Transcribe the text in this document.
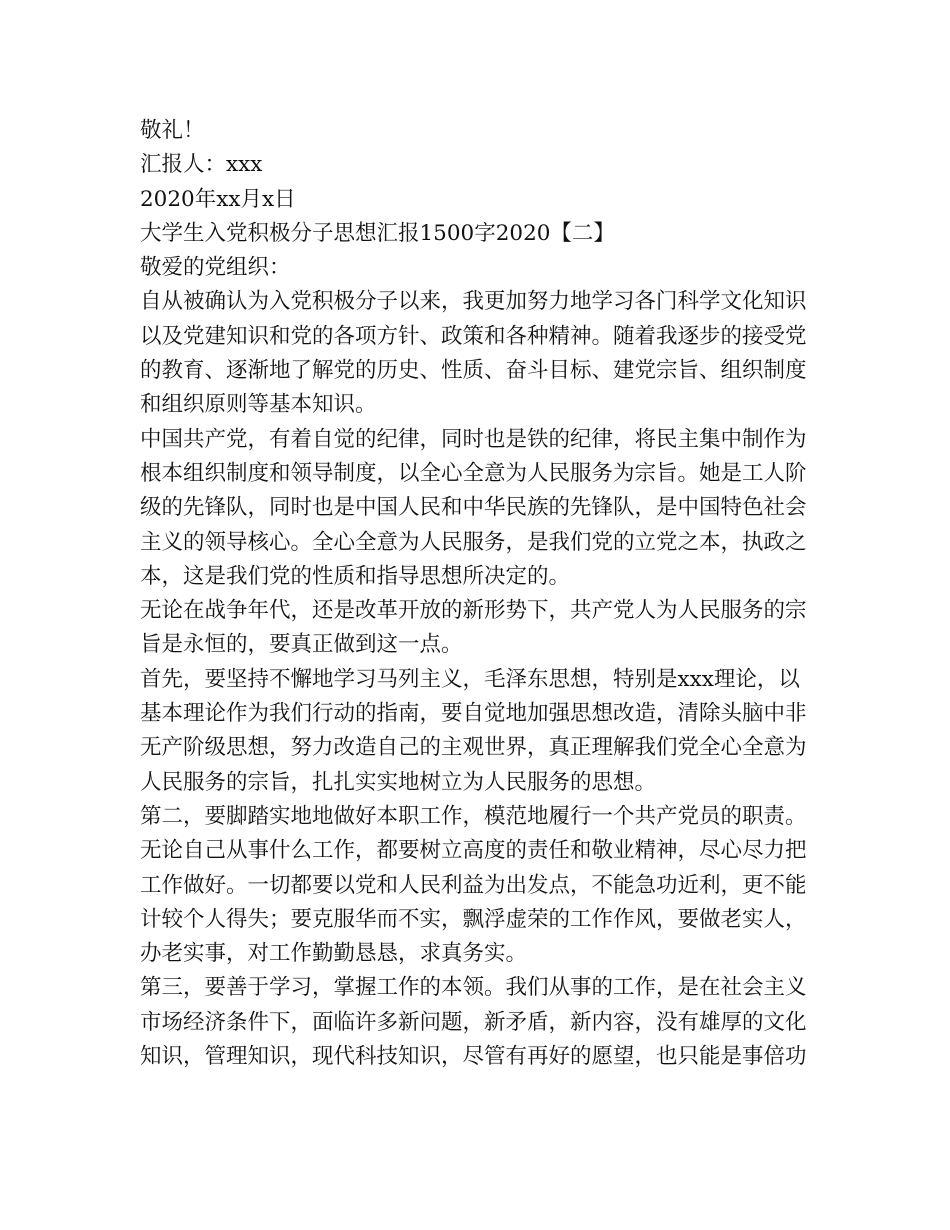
敬礼！
汇报人：xxx
2020年xx月x日
大学生入党积极分子思想汇报1500字2020【二】
敬爱的党组织：
自从被确认为入党积极分子以来，我更加努力地学习各门科学文化知识
以及党建知识和党的各项方针、政策和各种精神。随着我逐步的接受党
的教育、逐渐地了解党的历史、性质、奋斗目标、建党宗旨、组织制度
和组织原则等基本知识。
中国共产党，有着自觉的纪律，同时也是铁的纪律，将民主集中制作为
根本组织制度和领导制度，以全心全意为人民服务为宗旨。她是工人阶
级的先锋队，同时也是中国人民和中华民族的先锋队，是中国特色社会
主义的领导核心。全心全意为人民服务，是我们党的立党之本，执政之
本，这是我们党的性质和指导思想所决定的。
无论在战争年代，还是改革开放的新形势下，共产党人为人民服务的宗
旨是永恒的，要真正做到这一点。
首先，要坚持不懈地学习马列主义，毛泽东思想，特别是xxx理论，以
基本理论作为我们行动的指南，要自觉地加强思想改造，清除头脑中非
无产阶级思想，努力改造自己的主观世界，真正理解我们党全心全意为
人民服务的宗旨，扎扎实实地树立为人民服务的思想。
第二，要脚踏实地地做好本职工作，模范地履行一个共产党员的职责。
无论自己从事什么工作，都要树立高度的责任和敬业精神，尽心尽力把
工作做好。一切都要以党和人民利益为出发点，不能急功近利，更不能
计较个人得失；要克服华而不实，飘浮虚荣的工作作风，要做老实人，
办老实事，对工作勤勤恳恳，求真务实。
第三，要善于学习，掌握工作的本领。我们从事的工作，是在社会主义
市场经济条件下，面临许多新问题，新矛盾，新内容，没有雄厚的文化
知识，管理知识，现代科技知识，尽管有再好的愿望，也只能是事倍功
